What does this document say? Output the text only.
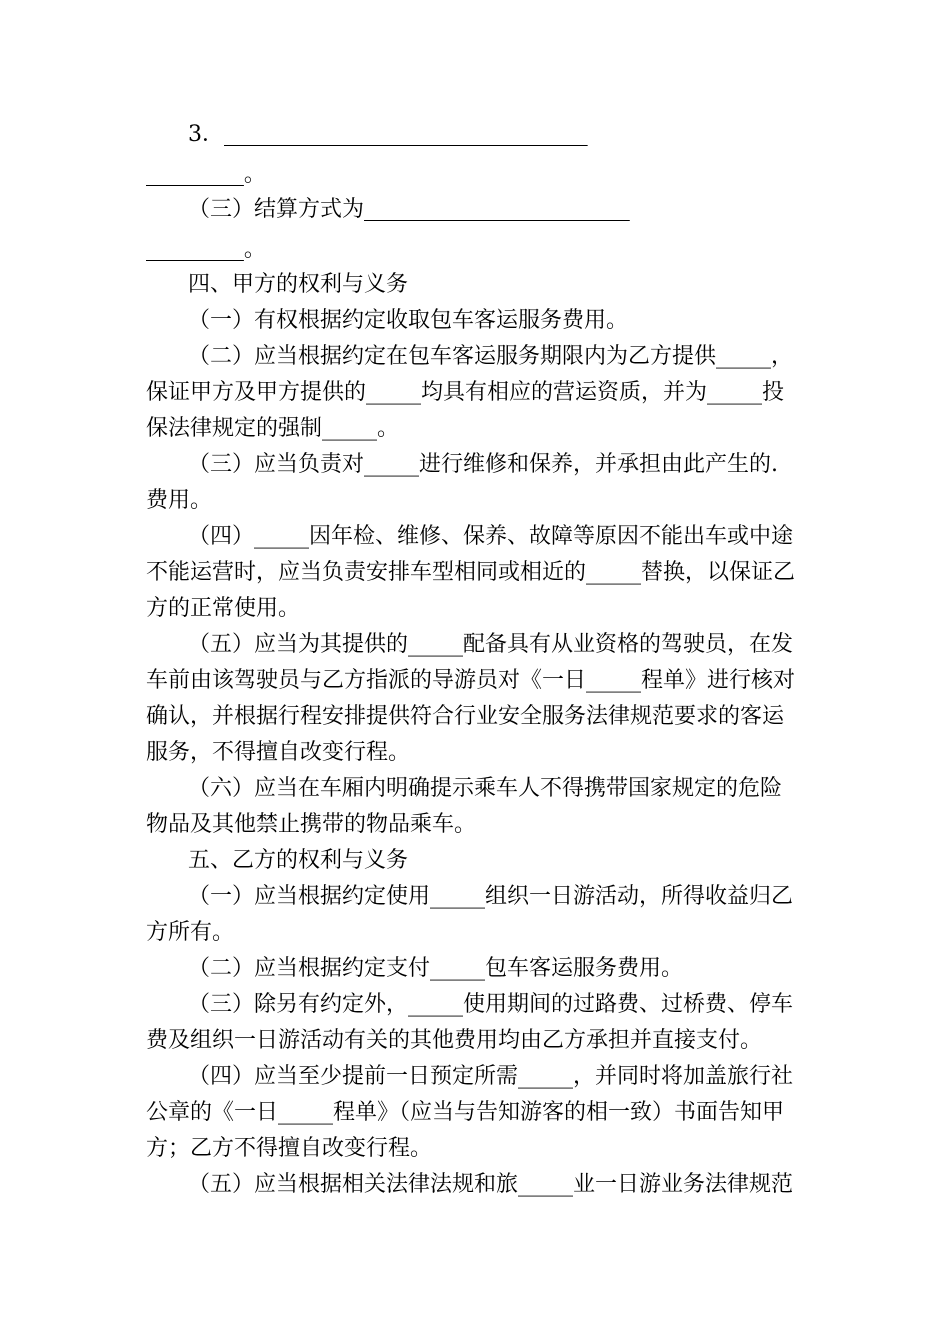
3．
。
（三）结算方式为
。
四、甲方的权利与义务
（一）有权根据约定收取包车客运服务费用。
（二）应当根据约定在包车客运服务期限内为乙方提供_____，
保证甲方及甲方提供的_____均具有相应的营运资质，并为_____投
保法律规定的强制_____。
（三）应当负责对_____进行维修和保养，并承担由此产生的.
费用。
（四）_____因年检、维修、保养、故障等原因不能出车或中途
不能运营时，应当负责安排车型相同或相近的_____替换，以保证乙
方的正常使用。
（五）应当为其提供的_____配备具有从业资格的驾驶员，在发
车前由该驾驶员与乙方指派的导游员对《一日_____程单》进行核对
确认，并根据行程安排提供符合行业安全服务法律规范要求的客运
服务，不得擅自改变行程。
（六）应当在车厢内明确提示乘车人不得携带国家规定的危险
物品及其他禁止携带的物品乘车。
五、乙方的权利与义务
（一）应当根据约定使用_____组织一日游活动，所得收益归乙
方所有。
（二）应当根据约定支付_____包车客运服务费用。
（三）除另有约定外，_____使用期间的过路费、过桥费、停车
费及组织一日游活动有关的其他费用均由乙方承担并直接支付。
（四）应当至少提前一日预定所需_____，并同时将加盖旅行社
公章的《一日_____程单》（应当与告知游客的相一致）书面告知甲
方；乙方不得擅自改变行程。
（五）应当根据相关法律法规和旅_____业一日游业务法律规范
